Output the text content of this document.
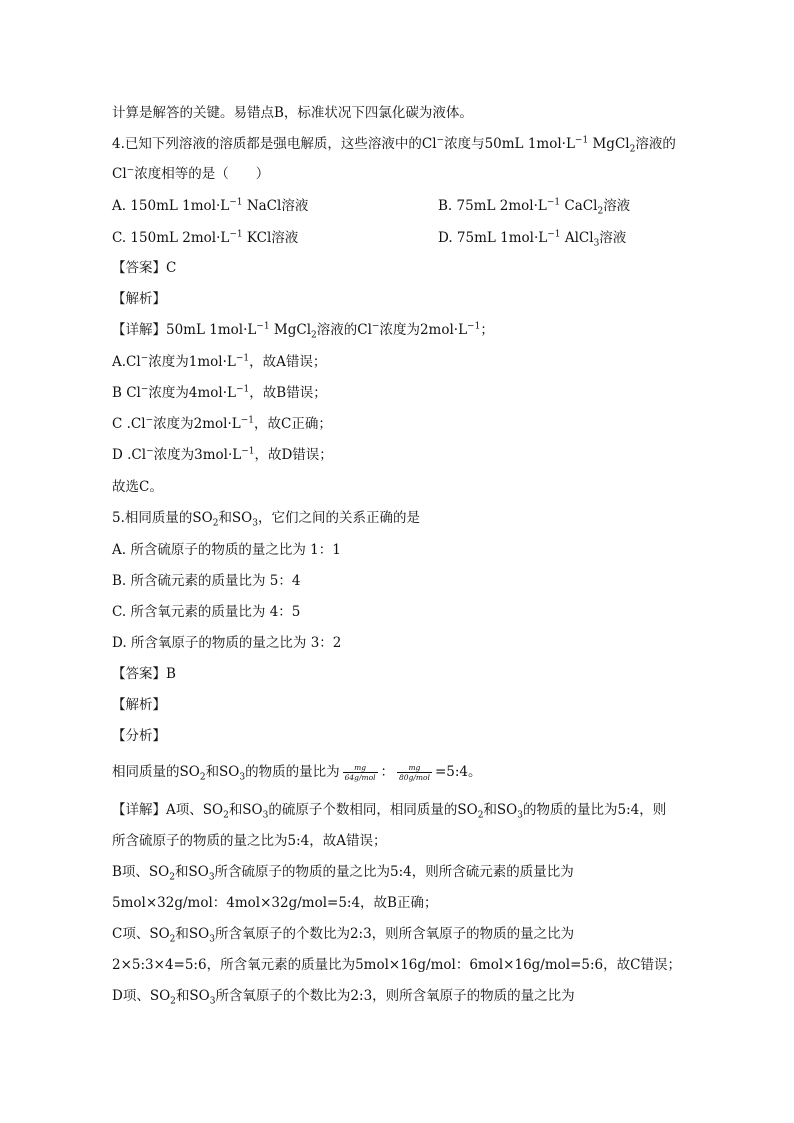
计算是解答的关键。易错点B，标准状况下四氯化碳为液体。
4.已知下列溶液的溶质都是强电解质，这些溶液中的Cl−浓度与50mL $1mol\cdot L^{-1}$ MgCl$_2$溶液的
Cl−浓度相等的是（　　）
A. 150mL $1mol\cdot L^{-1}$ NaCl溶液	B. 75mL $2mol\cdot L^{-1}$ CaCl$_2$溶液
C. 150mL $2mol\cdot L^{-1}$ KCl溶液	D. 75mL $1mol\cdot L^{-1}$ AlCl$_3$溶液
【答案】C
【解析】
【详解】50mL $1mol\cdot L^{-1}$ MgCl$_2$溶液的Cl−浓度为$2mol\cdot L^{-1}$；
A.Cl−浓度为$1mol\cdot L^{-1}$，故A错误；
B Cl−浓度为$4mol\cdot L^{-1}$，故B错误；
C .Cl−浓度为$2mol\cdot L^{-1}$，故C正确；
D .Cl−浓度为$3mol\cdot L^{-1}$，故D错误；
故选C。
5.相同质量的$SO_2$和$SO_3$，它们之间的关系正确的是
A. 所含硫原子的物质的量之比为 1：1
B. 所含硫元素的质量比为 5：4
C. 所含氧元素的质量比为 4：5
D. 所含氧原子的物质的量之比为 3：2
【答案】B
【解析】
【分析】
相同质量的$SO_2$和$SO_3$的物质的量比为 $\frac{mg}{\text{64g/mol}}$ ： $\frac{mg}{\text{80g/mol}}$ =5:4。
【详解】A项、$SO_2$和$SO_3$的硫原子个数相同，相同质量的$SO_2$和$SO_3$的物质的量比为5:4，则
所含硫原子的物质的量之比为5:4，故A错误；
B项、$SO_2$和$SO_3$所含硫原子的物质的量之比为5:4，则所含硫元素的质量比为
5mol×32g/mol：4mol×32g/mol=5:4，故B正确；
C项、$SO_2$和$SO_3$所含氧原子的个数比为2:3，则所含氧原子的物质的量之比为
2×5:3×4=5:6，所含氧元素的质量比为5mol×16g/mol：6mol×16g/mol=5:6，故C错误；
D项、$SO_2$和$SO_3$所含氧原子的个数比为2:3，则所含氧原子的物质的量之比为
